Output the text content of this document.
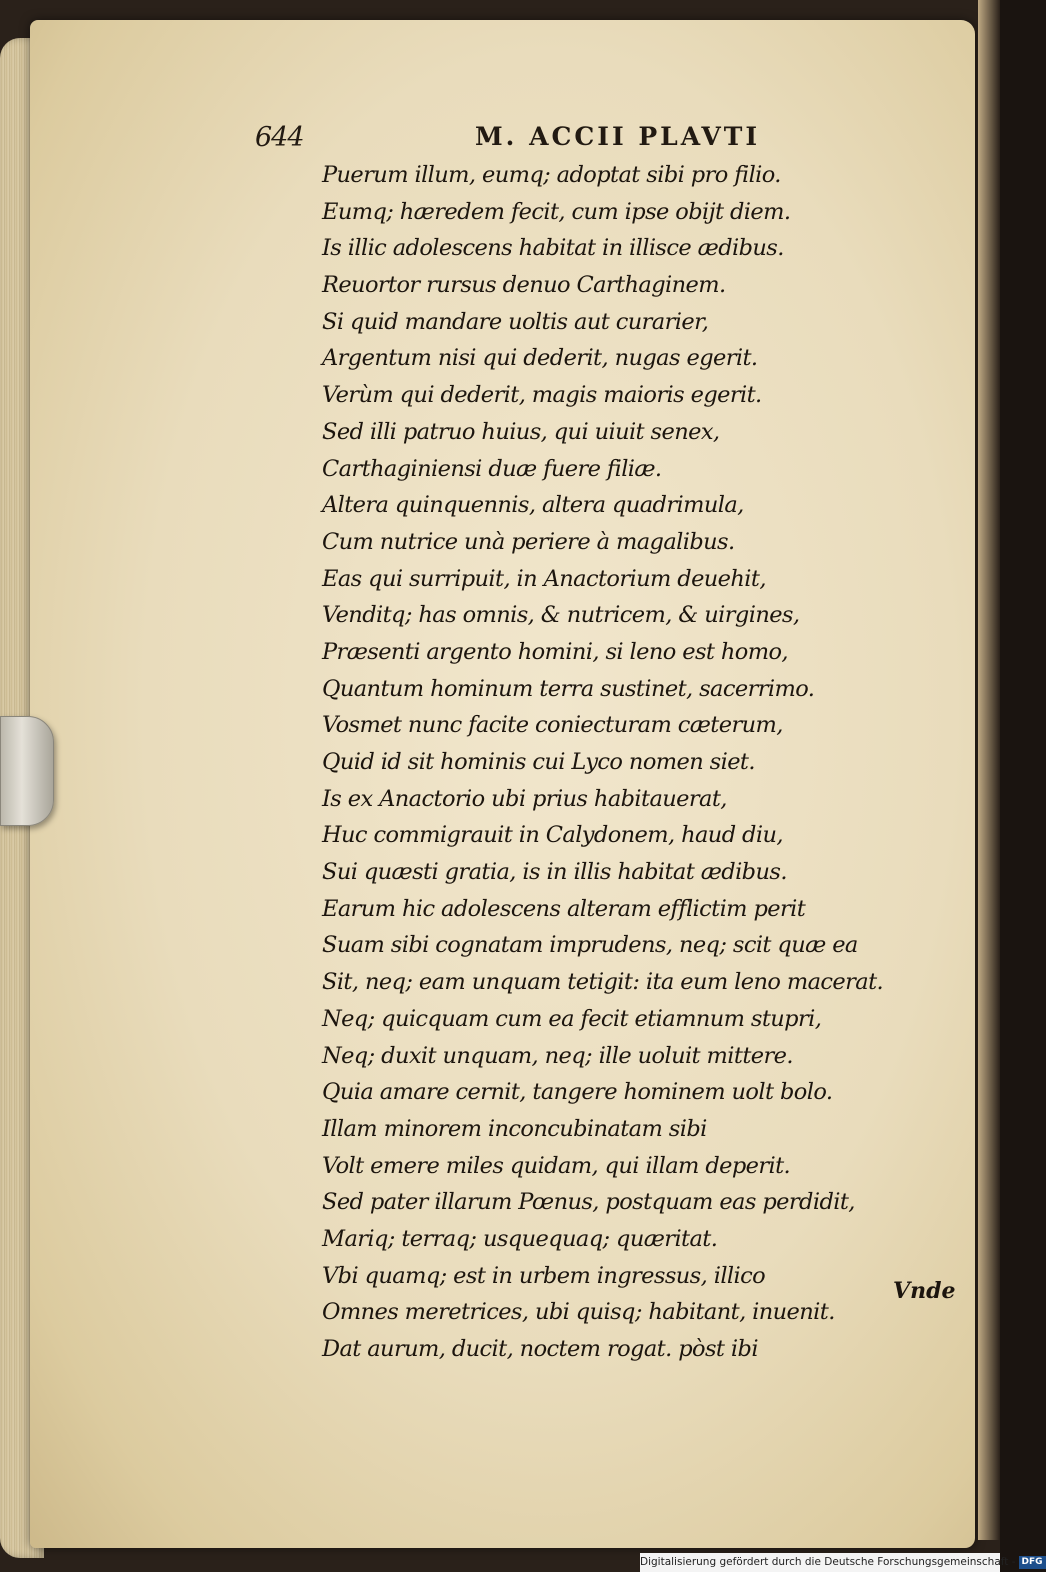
644	M. ACCII PLAVTI
Puerum illum, eumq; adoptat sibi pro filio.
Eumq; hæredem fecit, cum ipse obijt diem.
Is illic adolescens habitat in illisce ædibus.
Reuortor rursus denuo Carthaginem.
Si quid mandare uoltis aut curarier,
Argentum nisi qui dederit, nugas egerit.
Verùm qui dederit, magis maioris egerit.
Sed illi patruo huius, qui uiuit senex,
Carthaginiensi duæ fuere filiæ.
Altera quinquennis, altera quadrimula,
Cum nutrice unà periere à magalibus.
Eas qui surripuit, in Anactorium deuehit,
Venditq; has omnis, & nutricem, & uirgines,
Præsenti argento homini, si leno est homo,
Quantum hominum terra sustinet, sacerrimo.
Vosmet nunc facite coniecturam cæterum,
Quid id sit hominis cui Lyco nomen siet.
Is ex Anactorio ubi prius habitauerat,
Huc commigrauit in Calydonem, haud diu,
Sui quæsti gratia, is in illis habitat ædibus.
Earum hic adolescens alteram efflictim perit
Suam sibi cognatam imprudens, neq; scit quæ ea
Sit, neq; eam unquam tetigit: ita eum leno macerat.
Neq; quicquam cum ea fecit etiamnum stupri,
Neq; duxit unquam, neq; ille uoluit mittere.
Quia amare cernit, tangere hominem uolt bolo.
Illam minorem inconcubinatam sibi
Volt emere miles quidam, qui illam deperit.
Sed pater illarum Pœnus, postquam eas perdidit,
Mariq; terraq; usquequaq; quæritat.
Vbi quamq; est in urbem ingressus, illico
Omnes meretrices, ubi quisq; habitant, inuenit.
Dat aurum, ducit, noctem rogat. pòst ibi
Vnde
Digitalisierung gefördert durch die Deutsche Forschungsgemeinschaft - DFG
